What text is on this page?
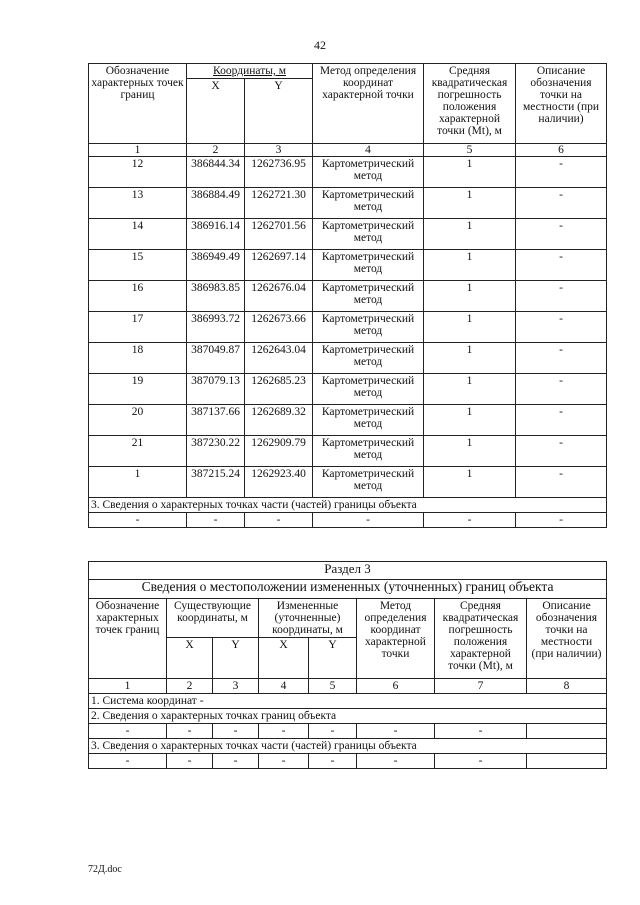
42
Обозначение характерных точек границ	Координаты, м		Метод определения координат характерной точки	Средняя квадратическая погрешность положения характерной точки (Mt), м	Описание обозначения точки на местности (при наличии)
	X	Y			
1	2	3	4	5	6
12	386844.34	1262736.95	Картометрический метод	1	-
13	386884.49	1262721.30	Картометрический метод	1	-
14	386916.14	1262701.56	Картометрический метод	1	-
15	386949.49	1262697.14	Картометрический метод	1	-
16	386983.85	1262676.04	Картометрический метод	1	-
17	386993.72	1262673.66	Картометрический метод	1	-
18	387049.87	1262643.04	Картометрический метод	1	-
19	387079.13	1262685.23	Картометрический метод	1	-
20	387137.66	1262689.32	Картометрический метод	1	-
21	387230.22	1262909.79	Картометрический метод	1	-
1	387215.24	1262923.40	Картометрический метод	1	-
3. Сведения о характерных точках части (частей) границы объекта					
-	-	-	-	-	-
Раздел 3							
Сведения о местоположении измененных (уточненных) границ объекта							
Обозначение характерных точек границ	Существующие координаты, м		Измененные (уточненные) координаты, м		Метод определения координат характерной точки	Средняя квадратическая погрешность положения характерной точки (Mt), м	Описание обозначения точки на местности (при наличии)
	X	Y	X	Y			
1	2	3	4	5	6	7	8
1. Система координат -							
2. Сведения о характерных точках границ объекта							
-	-	-	-	-	-	-	
3. Сведения о характерных точках части (частей) границы объекта							
-	-	-	-	-	-	-	
72Д.doc
